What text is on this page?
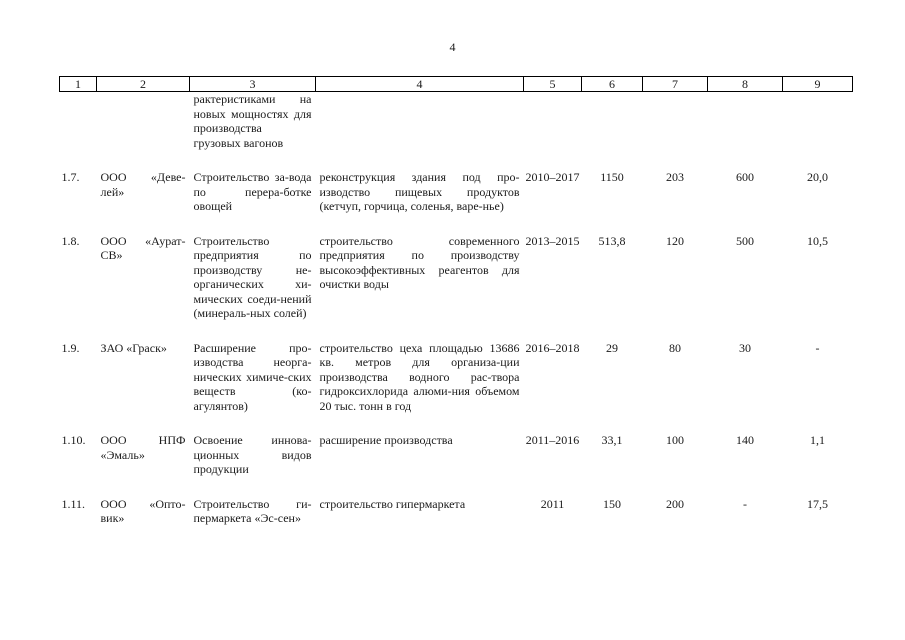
4
1	2	3	4	5	6	7	8	9
		рактеристиками на новых мощностях для производства грузовых вагонов						
1.7.	ООО «Деве-лей»	Строительство за-вода по перера-ботке овощей	реконструкция здания под про-изводство пищевых продуктов (кетчуп, горчица, соленья, варе-нье)	2010–2017	1150	203	600	20,0
1.8.	ООО «Аурат-СВ»	Строительство предприятия по производству не-органических хи-мических соеди-нений (минераль-ных солей)	строительство современного предприятия по производству высокоэффективных реагентов для очистки воды	2013–2015	513,8	120	500	10,5
1.9.	ЗАО «Граск»	Расширение про-изводства неорга-нических химиче-ских веществ (ко-агулянтов)	строительство цеха площадью 13686 кв. метров для организа-ции производства водного рас-твора гидроксихлорида алюми-ния объемом 20 тыс. тонн в год	2016–2018	29	80	30	-
1.10.	ООО НПФ «Эмаль»	Освоение иннова-ционных видов продукции	расширение производства	2011–2016	33,1	100	140	1,1
1.11.	ООО «Опто-вик»	Строительство ги-пермаркета «Эс-сен»	строительство гипермаркета	2011	150	200	-	17,5
